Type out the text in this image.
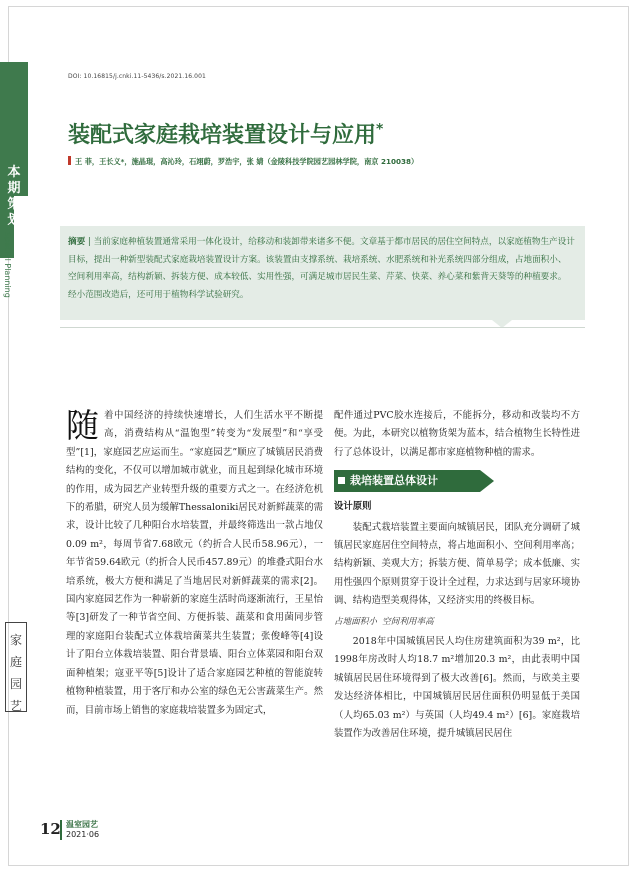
DOI: 10.16815/j.cnki.11-5436/s.2021.16.001
本
期
策
划
Special Planning
家
庭
园
艺
装配式家庭栽培装置设计与应用*
王 菲，王长义*，施晶琨，高沁玲，石翊蔚，罗浩宇，张 婧（金陵科技学院园艺园林学院，南京 210038）
摘要 | 当前家庭种植装置通常采用一体化设计，给移动和装卸带来诸多不便。文章基于都市居民的居住空间特点，以家庭植物生产设计目标，提出一种新型装配式家庭栽培装置设计方案。该装置由支撑系统、栽培系统、水肥系统和补光系统四部分组成，占地面积小、空间利用率高，结构新颖、拆装方便、成本较低、实用性强，可满足城市居民生菜、芹菜、快菜、养心菜和紫背天葵等的种植要求。经小范围改造后，还可用于植物科学试验研究。
随 着中国经济的持续快速增长，人们生活水平不断提高，消费结构从“温饱型”转变为“发展型”和“享受型”[1]，家庭园艺应运而生。“家庭园艺”顺应了城镇居民消费结构的变化，不仅可以增加城市就业，而且起到绿化城市环境的作用，成为园艺产业转型升级的重要方式之一。在经济危机下的希腊，研究人员为缓解Thessaloniki居民对新鲜蔬菜的需求，设计比较了几种阳台水培装置，并最终筛选出一款占地仅0.09 m²，每周节省7.68欧元（约折合人民币58.96元），一年节省59.64欧元（约折合人民币457.89元）的堆叠式阳台水培系统，极大方便和满足了当地居民对新鲜蔬菜的需求[2]。国内家庭园艺作为一种崭新的家庭生活时尚逐渐流行，王星怡等[3]研发了一种节省空间、方便拆装、蔬菜和食用菌同步管理的家庭阳台装配式立体栽培菌菜共生装置；张俊峰等[4]设计了阳台立体栽培装置、阳台背景墙、阳台立体菜园和阳台双面种植架；寇亚平等[5]设计了适合家庭园艺种植的智能旋转植物种植装置，用于客厅和办公室的绿色无公害蔬菜生产。然而，目前市场上销售的家庭栽培装置多为固定式，

配件通过PVC胶水连接后，不能拆分，移动和改装均不方便。为此，本研究以植物货架为蓝本，结合植物生长特性进行了总体设计，以满足都市家庭植物种植的需求。

栽培装置总体设计
设计原则

装配式栽培装置主要面向城镇居民，团队充分调研了城镇居民家庭居住空间特点，将占地面积小、空间利用率高；结构新颖、美观大方；拆装方便、简单易学；成本低廉、实用性强四个原则贯穿于设计全过程，力求达到与居家环境协调、结构造型美观得体，又经济实用的终极目标。

占地面积小 空间利用率高

2018年中国城镇居民人均住房建筑面积为39 m²，比1998年房改时人均18.7 m²增加20.3 m²，由此表明中国城镇居民居住环境得到了极大改善[6]。然而，与欧美主要发达经济体相比，中国城镇居民居住面积仍明显低于美国（人均65.03 m²）与英国（人均49.4 m²）[6]。家庭栽培装置作为改善居住环境，提升城镇居民居住

12 温室园艺
2021·06
